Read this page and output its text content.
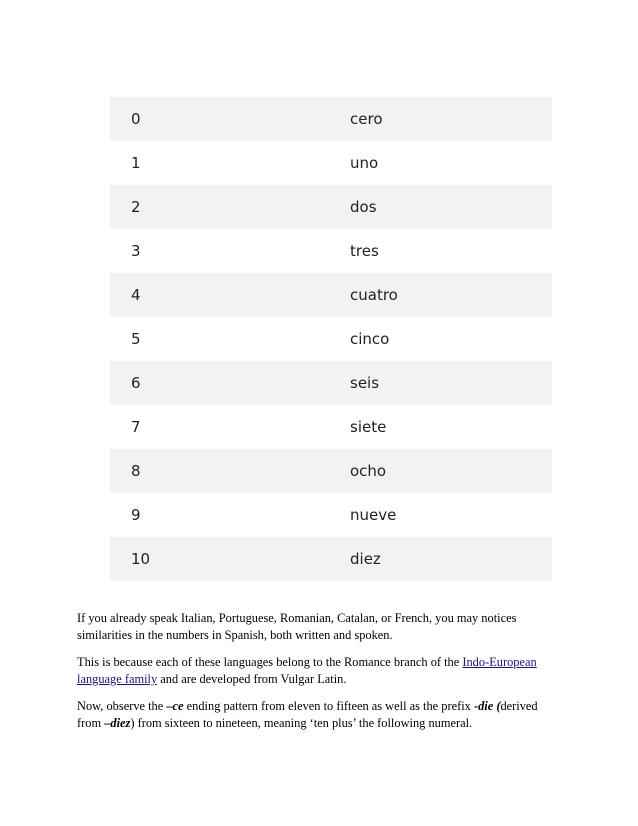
0	cero
1	uno
2	dos
3	tres
4	cuatro
5	cinco
6	seis
7	siete
8	ocho
9	nueve
10	diez

If you already speak Italian, Portuguese, Romanian, Catalan, or French, you may notices similarities in the numbers in Spanish, both written and spoken.

This is because each of these languages belong to the Romance branch of the Indo-European language family and are developed from Vulgar Latin.

Now, observe the –ce ending pattern from eleven to fifteen as well as the prefix -die (derived from –diez) from sixteen to nineteen, meaning ‘ten plus’ the following numeral.
